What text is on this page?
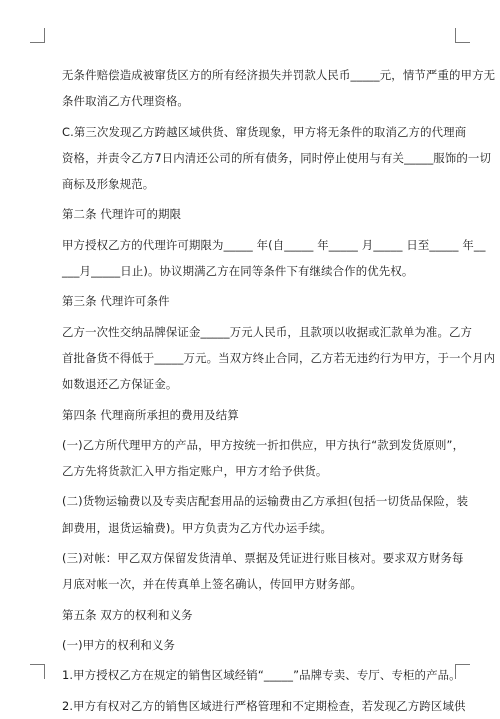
无条件赔偿造成被窜货区方的所有经济损失并罚款人民币_____元，情节严重的甲方无
条件取消乙方代理资格。
C.第三次发现乙方跨越区域供货、窜货现象，甲方将无条件的取消乙方的代理商
资格，并责令乙方7日内清还公司的所有债务，同时停止使用与有关_____服饰的一切
商标及形象规范。
第二条 代理许可的期限
甲方授权乙方的代理许可期限为_____ 年(自_____ 年_____ 月_____ 日至_____ 年__
___月_____日止)。协议期满乙方在同等条件下有继续合作的优先权。
第三条 代理许可条件
乙方一次性交纳品牌保证金_____万元人民币，且款项以收据或汇款单为准。乙方
首批备货不得低于_____万元。当双方终止合同，乙方若无违约行为甲方，于一个月内
如数退还乙方保证金。
第四条 代理商所承担的费用及结算
(一)乙方所代理甲方的产品，甲方按统一折扣供应，甲方执行“款到发货原则”，
乙方先将货款汇入甲方指定账户，甲方才给予供货。
(二)货物运输费以及专卖店配套用品的运输费由乙方承担(包括一切货品保险，装
卸费用，退货运输费)。甲方负责为乙方代办运手续。
(三)对帐：甲乙双方保留发货清单、票据及凭证进行账目核对。要求双方财务每
月底对帐一次，并在传真单上签名确认，传回甲方财务部。
第五条 双方的权利和义务
(一)甲方的权利和义务
1.甲方授权乙方在规定的销售区域经销“_____”品牌专卖、专厅、专柜的产品。
2.甲方有权对乙方的销售区域进行严格管理和不定期检查，若发现乙方跨区域供
